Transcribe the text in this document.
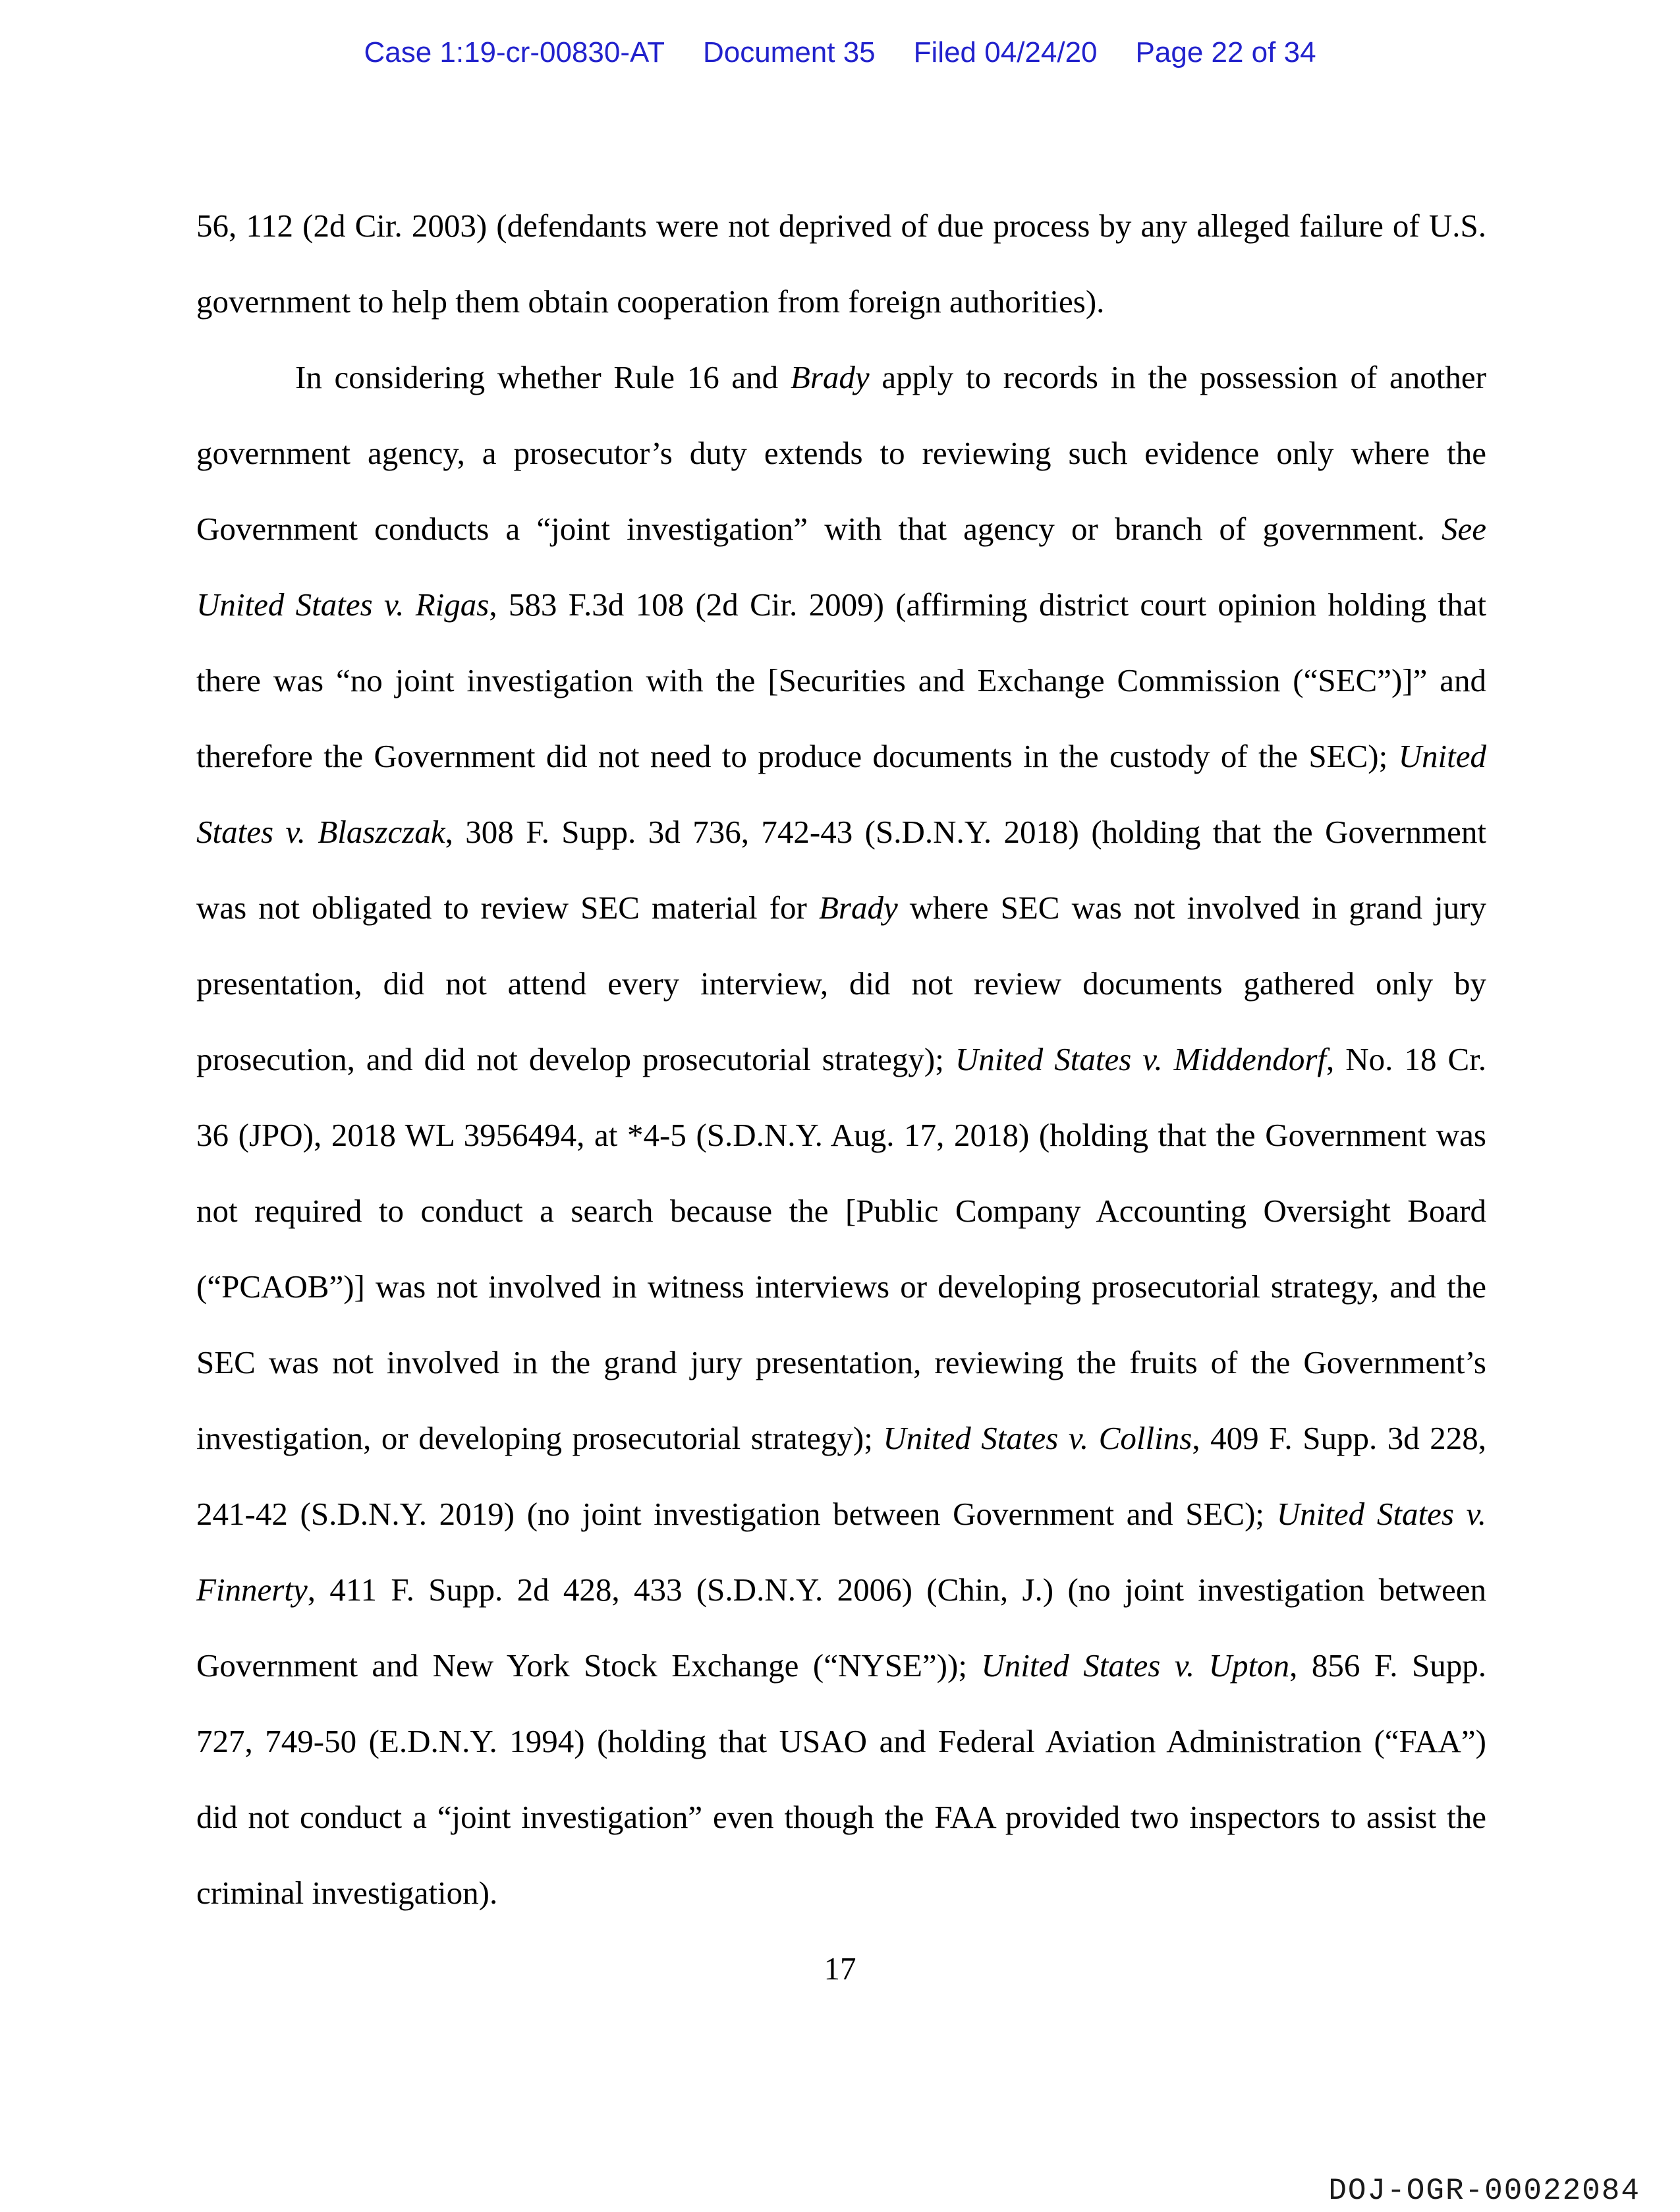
Case 1:19-cr-00830-AT Document 35 Filed 04/24/20 Page 22 of 34
56, 112 (2d Cir. 2003) (defendants were not deprived of due process by any alleged failure of U.S.
government to help them obtain cooperation from foreign authorities).
In considering whether Rule 16 and Brady apply to records in the possession of another
government agency, a prosecutor’s duty extends to reviewing such evidence only where the
Government conducts a “joint investigation” with that agency or branch of government. See
United States v. Rigas, 583 F.3d 108 (2d Cir. 2009) (affirming district court opinion holding that
there was “no joint investigation with the [Securities and Exchange Commission (“SEC”)]” and
therefore the Government did not need to produce documents in the custody of the SEC); United
States v. Blaszczak, 308 F. Supp. 3d 736, 742-43 (S.D.N.Y. 2018) (holding that the Government
was not obligated to review SEC material for Brady where SEC was not involved in grand jury
presentation, did not attend every interview, did not review documents gathered only by
prosecution, and did not develop prosecutorial strategy); United States v. Middendorf, No. 18 Cr.
36 (JPO), 2018 WL 3956494, at *4-5 (S.D.N.Y. Aug. 17, 2018) (holding that the Government was
not required to conduct a search because the [Public Company Accounting Oversight Board
(“PCAOB”)] was not involved in witness interviews or developing prosecutorial strategy, and the
SEC was not involved in the grand jury presentation, reviewing the fruits of the Government’s
investigation, or developing prosecutorial strategy); United States v. Collins, 409 F. Supp. 3d 228,
241-42 (S.D.N.Y. 2019) (no joint investigation between Government and SEC); United States v.
Finnerty, 411 F. Supp. 2d 428, 433 (S.D.N.Y. 2006) (Chin, J.) (no joint investigation between
Government and New York Stock Exchange (“NYSE”)); United States v. Upton, 856 F. Supp.
727, 749-50 (E.D.N.Y. 1994) (holding that USAO and Federal Aviation Administration (“FAA”)
did not conduct a “joint investigation” even though the FAA provided two inspectors to assist the
criminal investigation).
17
DOJ-OGR-00022084
